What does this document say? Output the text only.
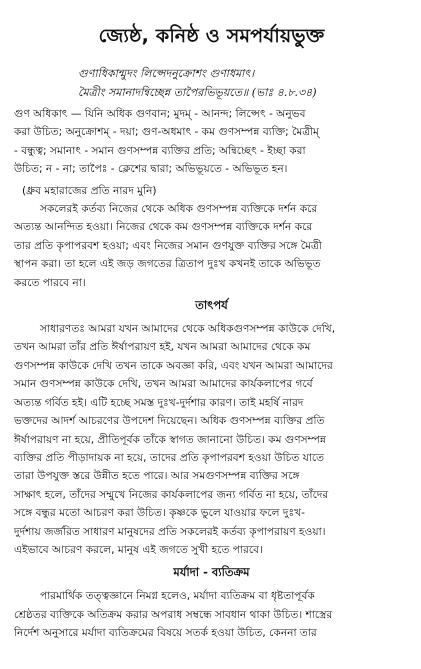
জ্যেষ্ঠ, কনিষ্ঠ ও সমপর্যায়ভুক্ত
গুণাধিকান্মুদং লিপ্সেদনুক্রোশং গুণাধমাৎ।
মৈত্রীং সমানাদন্বিচ্ছেন্ন তাপৈরভিভূয়তে॥ (ভাঃ ৪.৮.৩৪)

গুণ অধিকাৎ — যিনি অধিক গুণবান; মুদম্ - আনন্দ; লিপ্সেৎ - অনুভব

করা উচিত; অনুক্রোশম্ - দয়া; গুণ-অধমাৎ - কম গুণসম্পন্ন ব্যক্তি; মৈত্রীম্

- বন্ধুত্ব; সমানাৎ - সমান গুণসম্পন্ন ব্যক্তির প্রতি; অন্বিচ্ছেৎ - ইচ্ছা করা

উচিত; ন - না; তাপৈঃ - ক্লেশের দ্বারা; অভিভূয়তে - অভিভূত হন।

(ধ্রুব মহারাজের প্রতি নারদ মুনি)

সকলেরই কর্তব্য নিজের থেকে অধিক গুণসম্পন্ন ব্যক্তিকে দর্শন করে

অত্যন্ত আনন্দিত হওয়া। নিজের থেকে কম গুণসম্পন্ন ব্যক্তিকে দর্শন করে

তার প্রতি কৃপাপরবশ হওয়া; এবং নিজের সমান গুণযুক্ত ব্যক্তির সঙ্গে মৈত্রী

স্থাপন করা। তা হলে এই জড় জগতের ত্রিতাপ দুঃখ কখনই তাকে অভিভূত

করতে পারবে না।

তাৎপর্য

সাধারণতঃ আমরা যখন আমাদের থেকে অধিকগুণসম্পন্ন কাউকে দেখি,

তখন আমরা তাঁর প্রতি ঈর্ষাপরায়ণ হই, যখন আমরা আমাদের থেকে কম

গুণসম্পন্ন কাউকে দেখি তখন তাকে অবজ্ঞা করি, এবং যখন আমরা আমাদের

সমান গুণসম্পন্ন কাউকে দেখি, তখন আমরা আমাদের কার্যকলাপের গর্বে

অত্যন্ত গর্বিত হই। এটি হচ্ছে সমস্ত দুঃখ-দুর্দশার কারণ। তাই মহর্ষি নারদ

ভক্তদের আদর্শ আচরণের উপদেশ দিয়েছেন। অধিক গুণসম্পন্ন ব্যক্তির প্রতি

ঈর্ষাপরায়ণ না হয়ে, প্রীতিপূর্বক তাঁকে স্বাগত জানানো উচিত। কম গুণসম্পন্ন

ব্যক্তির প্রতি পীড়াদায়ক না হয়ে, তাদের প্রতি কৃপাপরবশ হওয়া উচিত যাতে

তারা উপযুক্ত স্তরে উন্নীত হতে পারে। আর সমগুণসম্পন্ন ব্যক্তির সঙ্গে

সাক্ষাৎ হলে, তাঁদের সম্মুখে নিজের কার্যকলাপের জন্য গর্বিত না হয়ে, তাঁদের

সঙ্গে বন্ধুর মতো আচরণ করা উচিত। কৃষ্ণকে ভুলে যাওয়ার ফলে দুঃখ-

দুর্দশায় জর্জরিত সাধারণ মানুষদের প্রতি সকলেরই কর্তব্য কৃপাপরায়ণ হওয়া।

এইভাবে আচরণ করলে, মানুষ এই জগতে সুখী হতে পারবে।

মর্যাদা - ব্যতিক্রম

পারমার্থিক তত্ত্বজ্ঞানে নিমগ্ন হলেও, মর্যাদা ব্যতিক্রম বা ধৃষ্টতাপূর্বক

শ্রেষ্ঠতর ব্যক্তিকে অতিক্রম করার অপরাধ সম্বন্ধে সাবধান থাকা উচিত। শাস্ত্রের

নির্দেশ অনুসারে মর্যাদা ব্যতিক্রমের বিষয়ে সতর্ক হওয়া উচিত, কেননা তার
